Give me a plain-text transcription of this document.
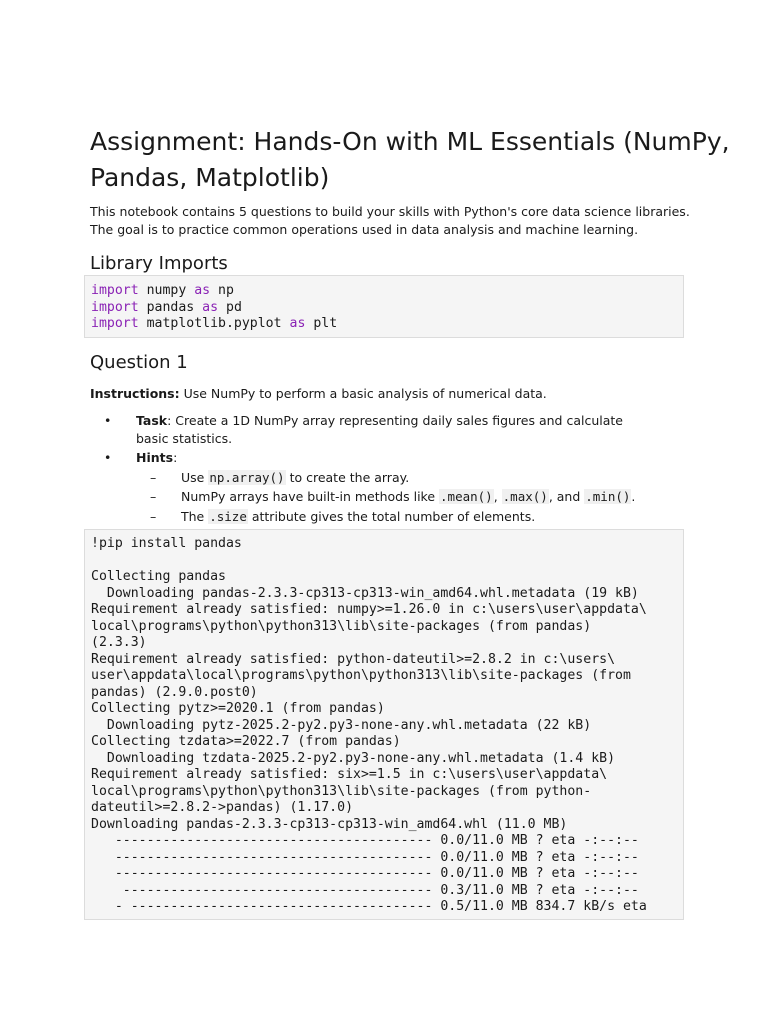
Assignment: Hands-On with ML Essentials (NumPy, Pandas, Matplotlib)

This notebook contains 5 questions to build your skills with Python's core data science libraries. The goal is to practice common operations used in data analysis and machine learning.

Library Imports
import numpy as np
import pandas as pd
import matplotlib.pyplot as plt
Question 1

Instructions: Use NumPy to perform a basic analysis of numerical data.

• Task: Create a 1D NumPy array representing daily sales figures and calculate basic statistics.
• Hints:
– Use np.array() to create the array.
– NumPy arrays have built-in methods like .mean(), .max(), and .min().
– The .size attribute gives the total number of elements.
!pip install pandas
Collecting pandas
Downloading pandas-2.3.3-cp313-cp313-win_amd64.whl.metadata (19 kB)
Requirement already satisfied: numpy>=1.26.0 in c:\users\user\appdata\
local\programs\python\python313\lib\site-packages (from pandas)
(2.3.3)
Requirement already satisfied: python-dateutil>=2.8.2 in c:\users\
user\appdata\local\programs\python\python313\lib\site-packages (from
pandas) (2.9.0.post0)
Collecting pytz>=2020.1 (from pandas)
Downloading pytz-2025.2-py2.py3-none-any.whl.metadata (22 kB)
Collecting tzdata>=2022.7 (from pandas)
Downloading tzdata-2025.2-py2.py3-none-any.whl.metadata (1.4 kB)
Requirement already satisfied: six>=1.5 in c:\users\user\appdata\
local\programs\python\python313\lib\site-packages (from python-
dateutil>=2.8.2->pandas) (1.17.0)
Downloading pandas-2.3.3-cp313-cp313-win_amd64.whl (11.0 MB)
---------------------------------------- 0.0/11.0 MB ? eta -:--:--
---------------------------------------- 0.0/11.0 MB ? eta -:--:--
---------------------------------------- 0.0/11.0 MB ? eta -:--:--
--------------------------------------- 0.3/11.0 MB ? eta -:--:--
- -------------------------------------- 0.5/11.0 MB 834.7 kB/s eta
